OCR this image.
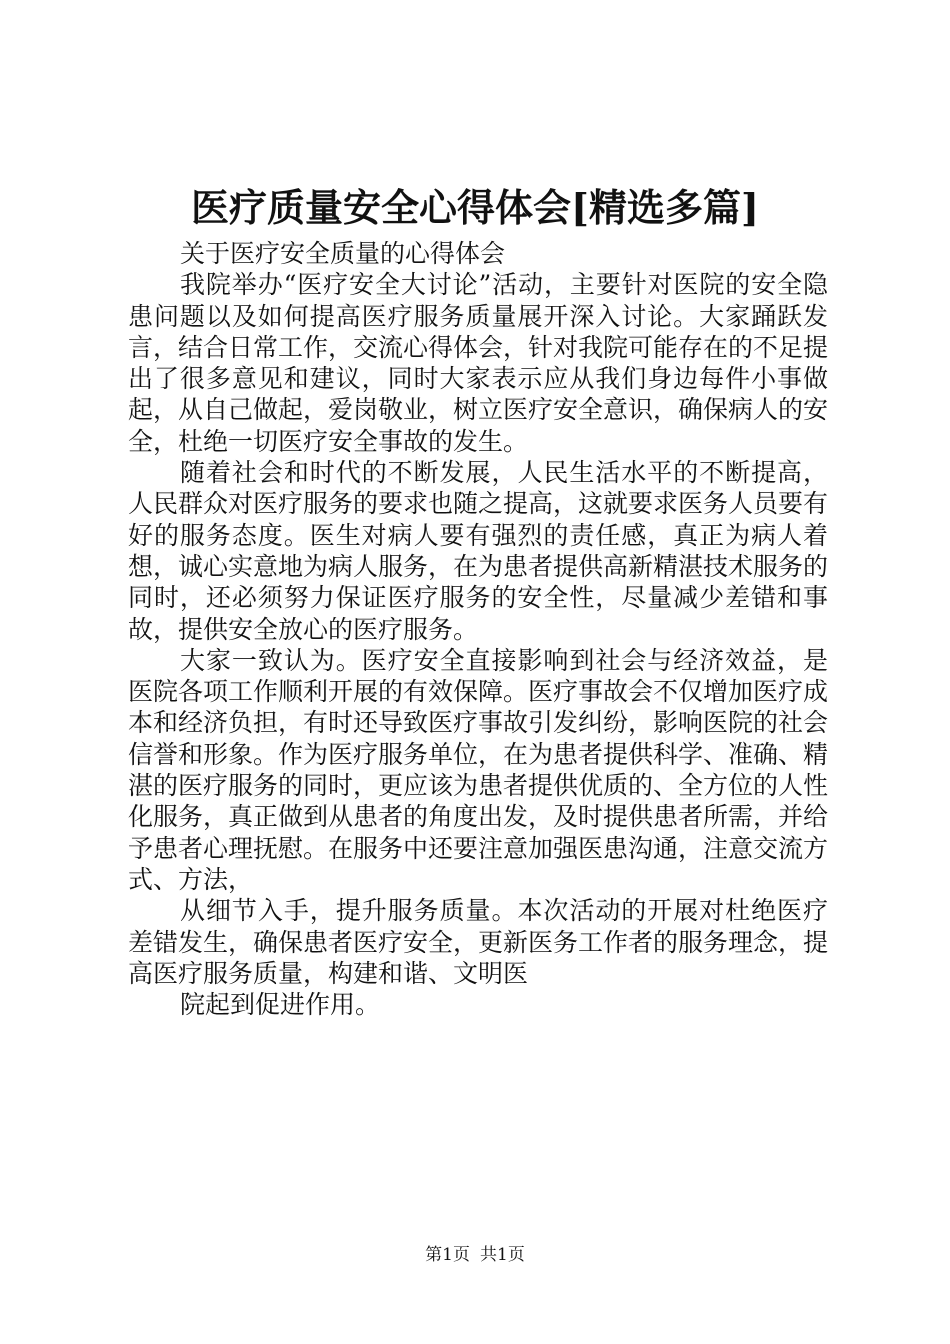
医疗质量安全心得体会[精选多篇]

关于医疗安全质量的心得体会

我院举办“医疗安全大讨论”活动，主要针对医院的安全隐患问题以及如何提高医疗服务质量展开深入讨论。大家踊跃发言，结合日常工作，交流心得体会，针对我院可能存在的不足提出了很多意见和建议，同时大家表示应从我们身边每件小事做起，从自己做起，爱岗敬业，树立医疗安全意识，确保病人的安全，杜绝一切医疗安全事故的发生。

随着社会和时代的不断发展，人民生活水平的不断提高，人民群众对医疗服务的要求也随之提高，这就要求医务人员要有好的服务态度。医生对病人要有强烈的责任感，真正为病人着想，诚心实意地为病人服务，在为患者提供高新精湛技术服务的同时，还必须努力保证医疗服务的安全性，尽量减少差错和事故，提供安全放心的医疗服务。

大家一致认为。医疗安全直接影响到社会与经济效益，是医院各项工作顺利开展的有效保障。医疗事故会不仅增加医疗成本和经济负担，有时还导致医疗事故引发纠纷，影响医院的社会信誉和形象。作为医疗服务单位，在为患者提供科学、准确、精湛的医疗服务的同时，更应该为患者提供优质的、全方位的人性化服务，真正做到从患者的角度出发，及时提供患者所需，并给予患者心理抚慰。在服务中还要注意加强医患沟通，注意交流方式、方法，

从细节入手，提升服务质量。本次活动的开展对杜绝医疗差错发生，确保患者医疗安全，更新医务工作者的服务理念，提高医疗服务质量，构建和谐、文明医

院起到促进作用。

第1页 共1页
